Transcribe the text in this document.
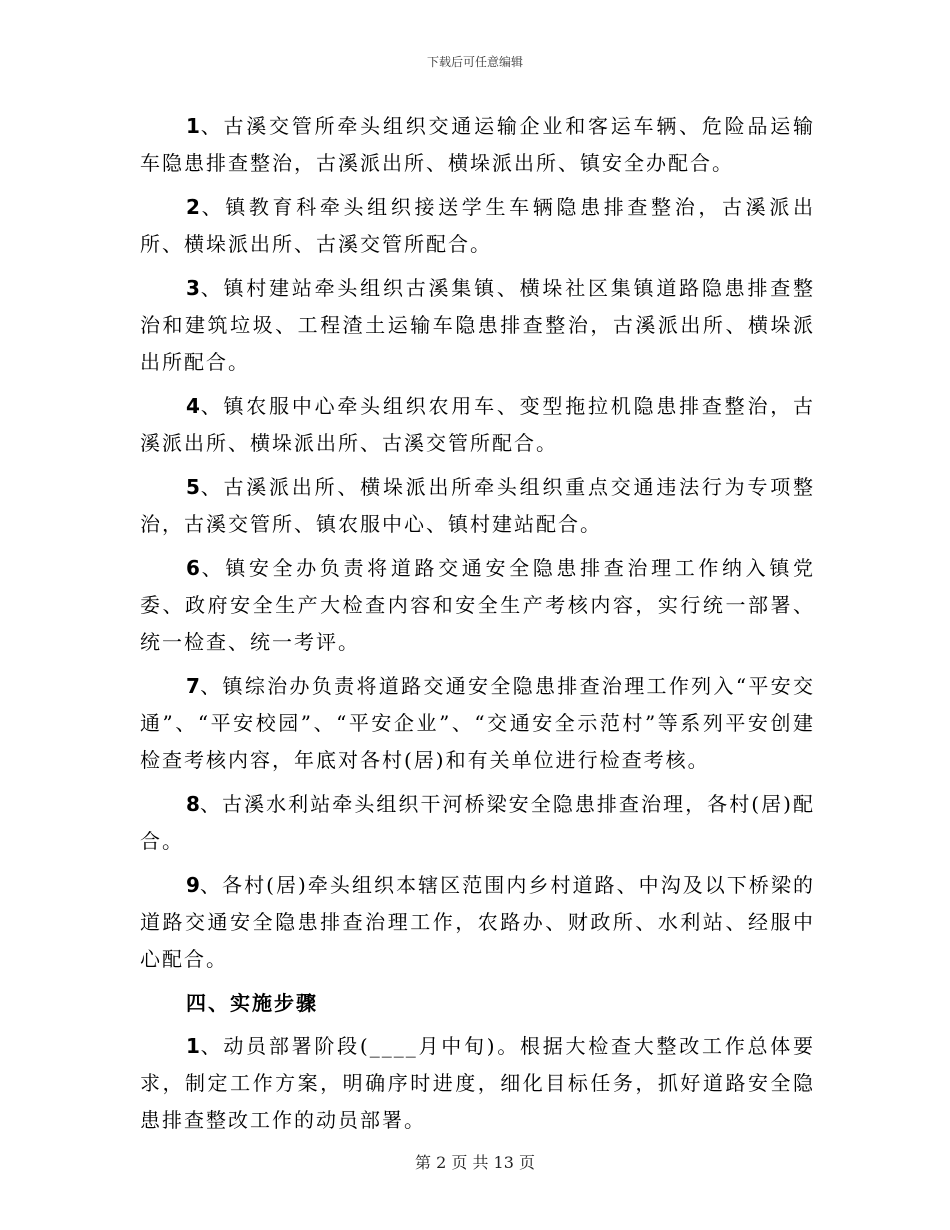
下载后可任意编辑

1、古溪交管所牵头组织交通运输企业和客运车辆、危险品运输车隐患排查整治，古溪派出所、横垛派出所、镇安全办配合。

2、镇教育科牵头组织接送学生车辆隐患排查整治，古溪派出所、横垛派出所、古溪交管所配合。

3、镇村建站牵头组织古溪集镇、横垛社区集镇道路隐患排查整治和建筑垃圾、工程渣土运输车隐患排查整治，古溪派出所、横垛派出所配合。

4、镇农服中心牵头组织农用车、变型拖拉机隐患排查整治，古溪派出所、横垛派出所、古溪交管所配合。

5、古溪派出所、横垛派出所牵头组织重点交通违法行为专项整治，古溪交管所、镇农服中心、镇村建站配合。

6、镇安全办负责将道路交通安全隐患排查治理工作纳入镇党委、政府安全生产大检查内容和安全生产考核内容，实行统一部署、统一检查、统一考评。

7、镇综治办负责将道路交通安全隐患排查治理工作列入“平安交通”、“平安校园”、“平安企业”、“交通安全示范村”等系列平安创建检查考核内容，年底对各村(居)和有关单位进行检查考核。

8、古溪水利站牵头组织干河桥梁安全隐患排查治理，各村(居)配合。

9、各村(居)牵头组织本辖区范围内乡村道路、中沟及以下桥梁的道路交通安全隐患排查治理工作，农路办、财政所、水利站、经服中心配合。

四、实施步骤

1、动员部署阶段(____月中旬)。根据大检查大整改工作总体要求，制定工作方案，明确序时进度，细化目标任务，抓好道路安全隐患排查整改工作的动员部署。

第 2 页 共 13 页
